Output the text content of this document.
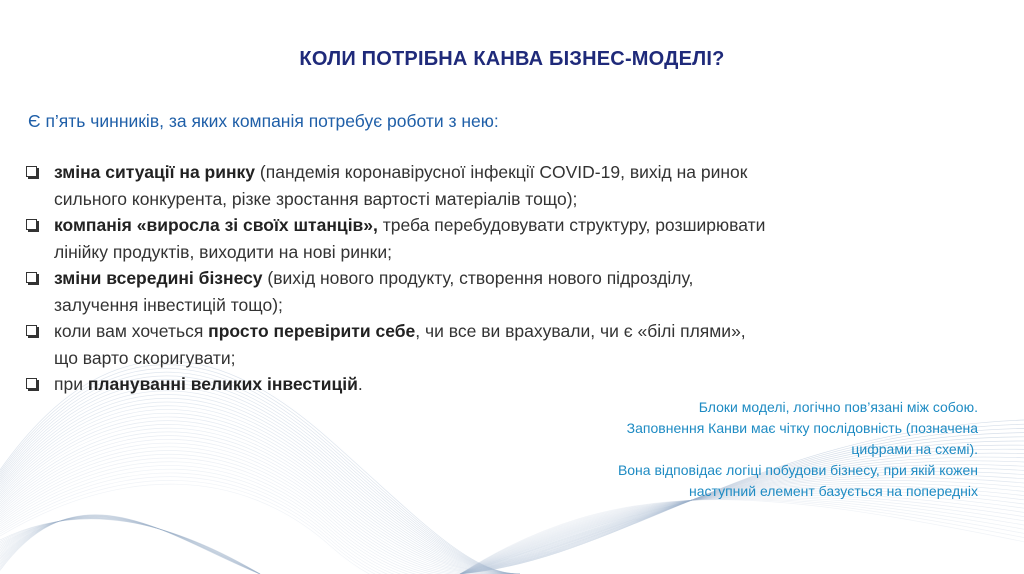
КОЛИ ПОТРІБНА КАНВА БІЗНЕС-МОДЕЛІ?
Є п’ять чинників, за яких компанія потребує роботи з нею:
зміна ситуації на ринку (пандемія коронавірусної інфекції COVID-19, вихід на ринок
сильного конкурента, різке зростання вартості матеріалів тощо);
компанія «виросла зі своїх штанців», треба перебудовувати структуру, розширювати
лінійку продуктів, виходити на нові ринки;
зміни всередині бізнесу (вихід нового продукту, створення нового підрозділу,
залучення інвестицій тощо);
коли вам хочеться просто перевірити себе, чи все ви врахували, чи є «білі плями»,
що варто скоригувати;
при плануванні великих інвестицій.
Блоки моделі, логічно пов’язані між собою.
Заповнення Канви має чітку послідовність (позначена
цифрами на схемі).
Вона відповідає логіці побудови бізнесу, при якій кожен
наступний елемент базується на попередніх
